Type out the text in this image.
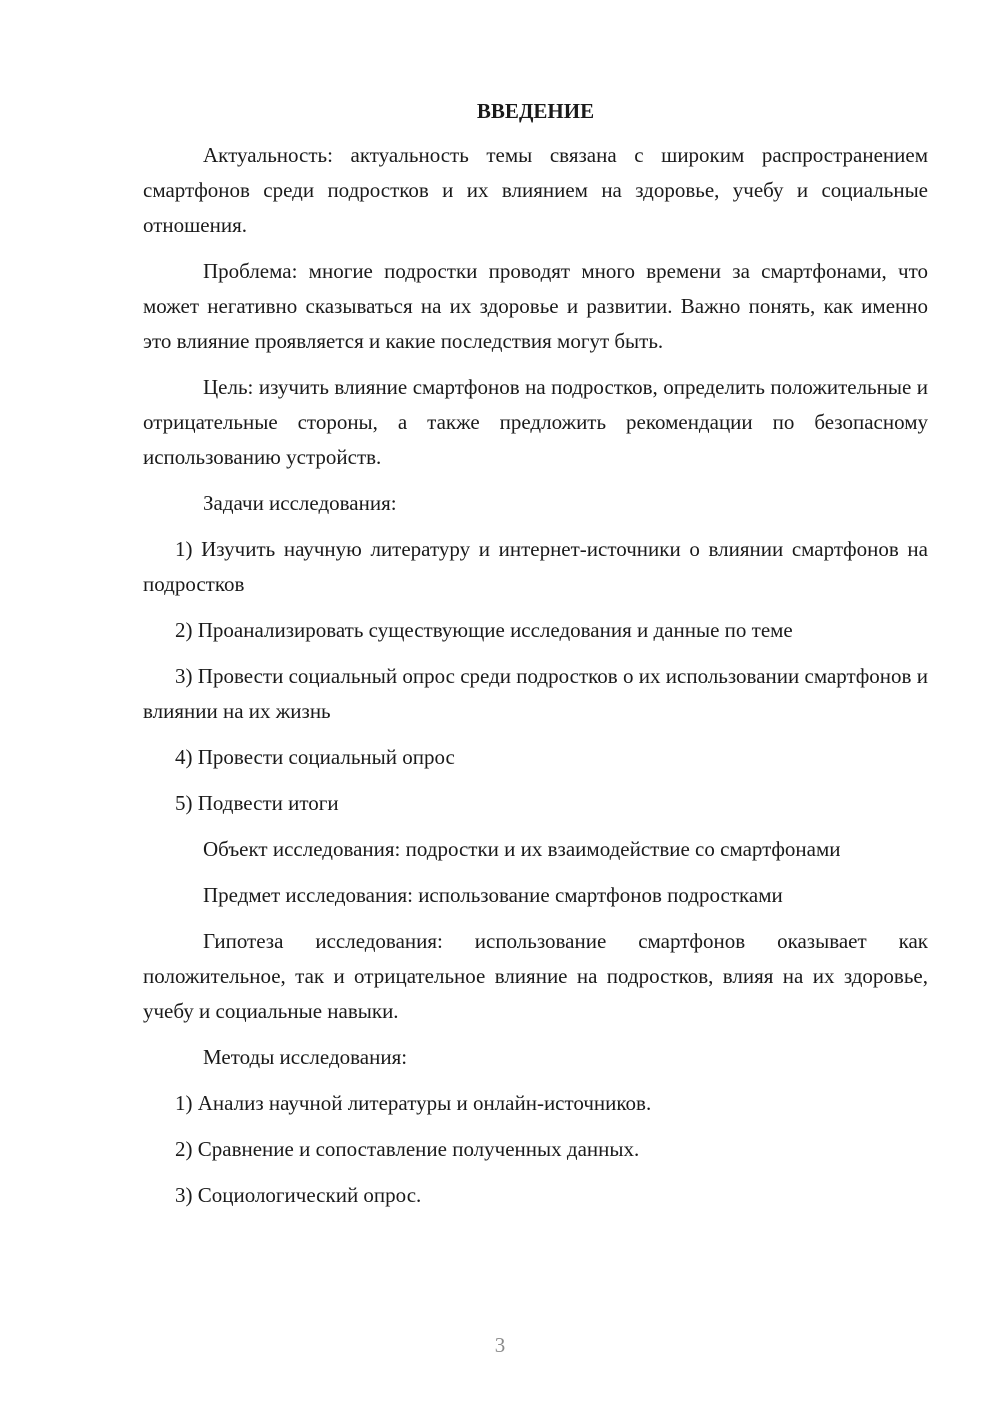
ВВЕДЕНИЕ
Актуальность: актуальность темы связана с широким распространением смартфонов среди подростков и их влиянием на здоровье, учебу и социальные отношения.
Проблема: многие подростки проводят много времени за смартфонами, что может негативно сказываться на их здоровье и развитии. Важно понять, как именно это влияние проявляется и какие последствия могут быть.
Цель: изучить влияние смартфонов на подростков, определить положительные и отрицательные стороны, а также предложить рекомендации по безопасному использованию устройств.
Задачи исследования:
1) Изучить научную литературу и интернет-источники о влиянии смартфонов на подростков
2) Проанализировать существующие исследования и данные по теме
3) Провести социальный опрос среди подростков о их использовании смартфонов и влиянии на их жизнь
4) Провести социальный опрос
5) Подвести итоги
Объект исследования: подростки и их взаимодействие со смартфонами
Предмет исследования: использование смартфонов подростками
Гипотеза исследования: использование смартфонов оказывает как положительное, так и отрицательное влияние на подростков, влияя на их здоровье, учебу и социальные навыки.
Методы исследования:
1) Анализ научной литературы и онлайн-источников.
2) Сравнение и сопоставление полученных данных.
3) Социологический опрос.
3
